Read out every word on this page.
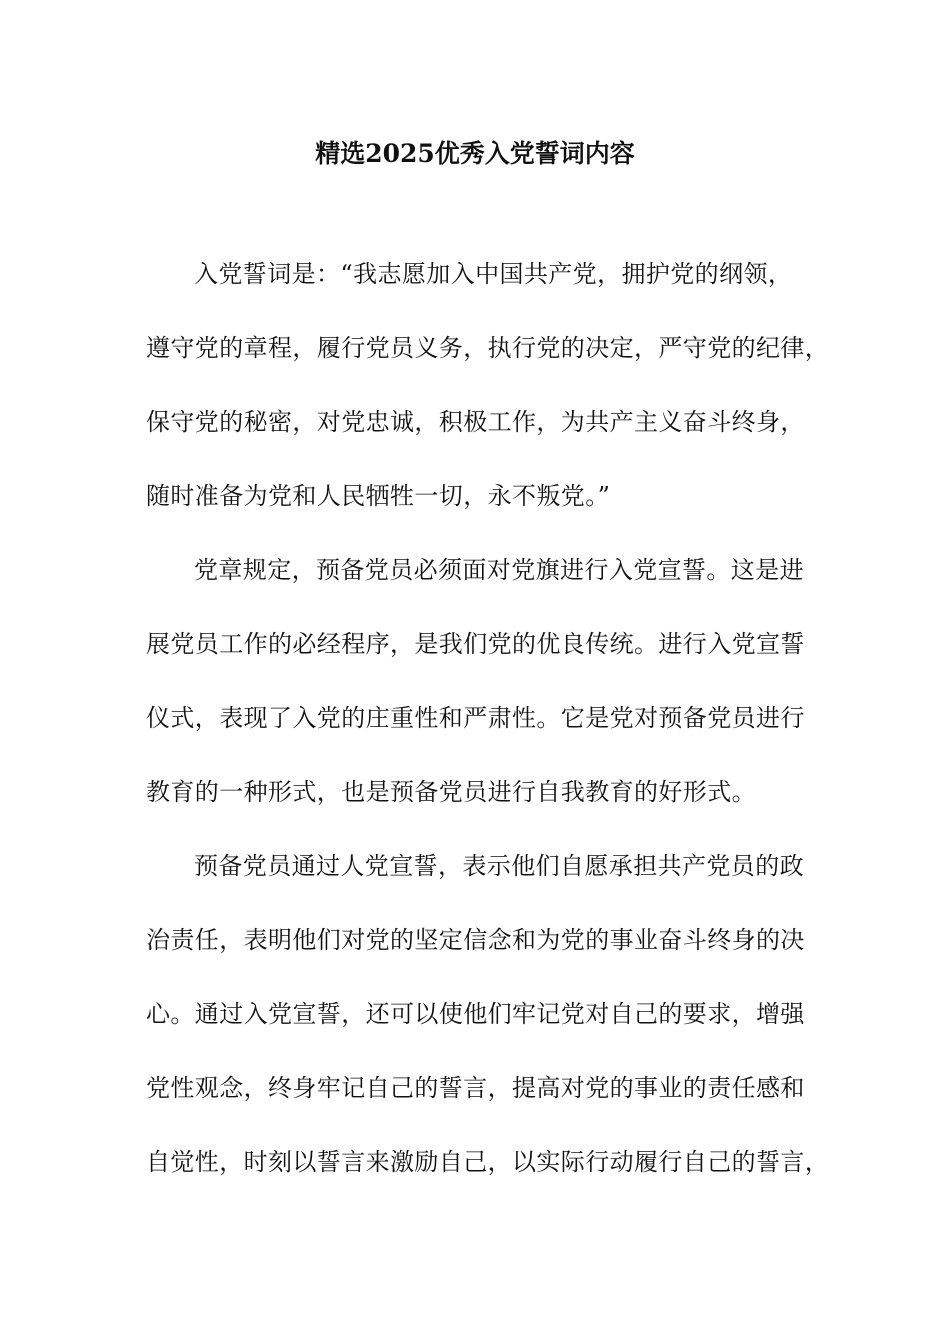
精选2025优秀入党誓词内容
入党誓词是：“我志愿加入中国共产党，拥护党的纲领，
遵守党的章程，履行党员义务，执行党的决定，严守党的纪律，
保守党的秘密，对党忠诚，积极工作，为共产主义奋斗终身，
随时准备为党和人民牺牲一切，永不叛党。”
党章规定，预备党员必须面对党旗进行入党宣誓。这是进
展党员工作的必经程序，是我们党的优良传统。进行入党宣誓
仪式，表现了入党的庄重性和严肃性。它是党对预备党员进行
教育的一种形式，也是预备党员进行自我教育的好形式。
预备党员通过人党宣誓，表示他们自愿承担共产党员的政
治责任，表明他们对党的坚定信念和为党的事业奋斗终身的决
心。通过入党宣誓，还可以使他们牢记党对自己的要求，增强
党性观念，终身牢记自己的誓言，提高对党的事业的责任感和
自觉性，时刻以誓言来激励自己，以实际行动履行自己的誓言，
